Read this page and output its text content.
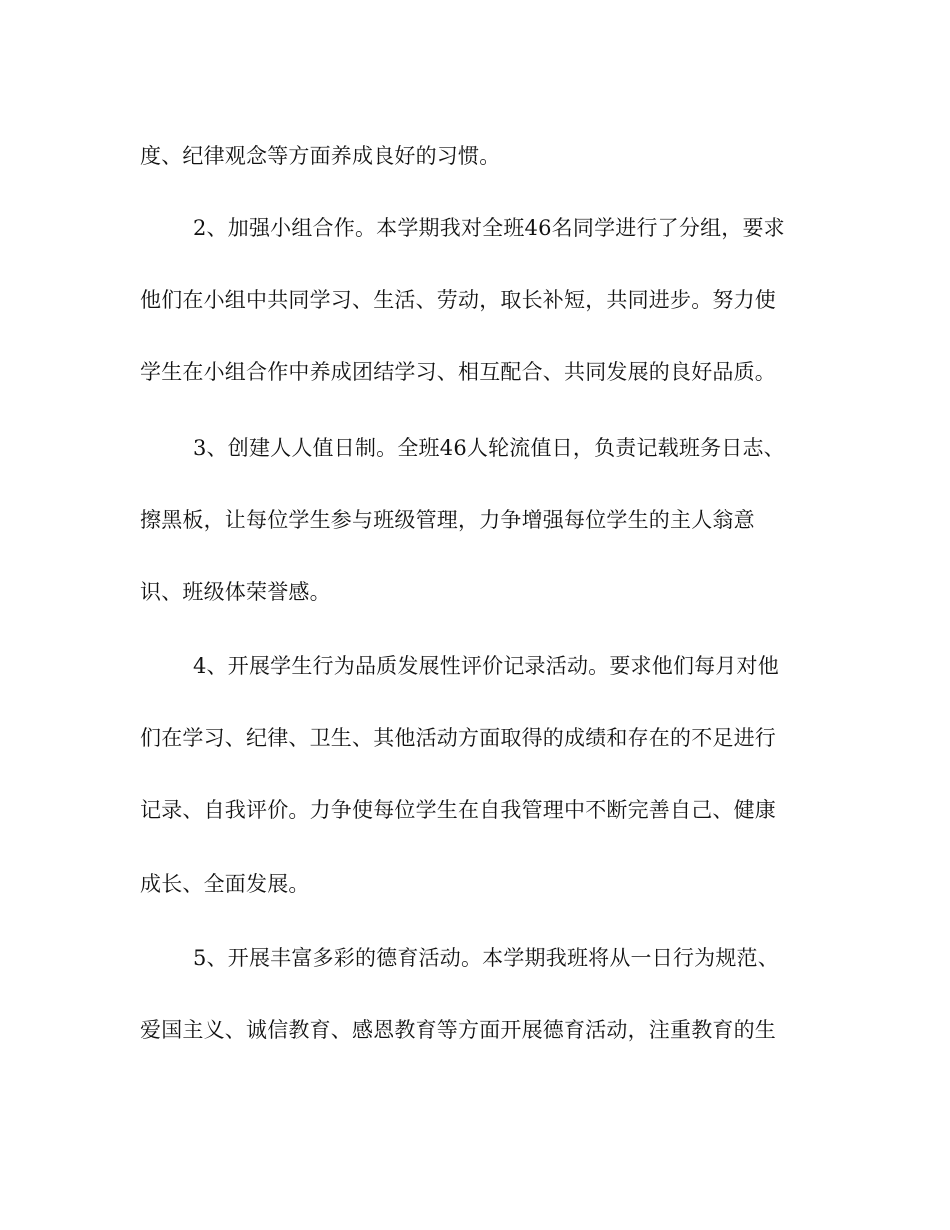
度、纪律观念等方面养成良好的习惯。
2、加强小组合作。本学期我对全班46名同学进行了分组，要求
他们在小组中共同学习、生活、劳动，取长补短，共同进步。努力使
学生在小组合作中养成团结学习、相互配合、共同发展的良好品质。
3、创建人人值日制。全班46人轮流值日，负责记载班务日志、
擦黑板，让每位学生参与班级管理，力争增强每位学生的主人翁意
识、班级体荣誉感。
4、开展学生行为品质发展性评价记录活动。要求他们每月对他
们在学习、纪律、卫生、其他活动方面取得的成绩和存在的不足进行
记录、自我评价。力争使每位学生在自我管理中不断完善自己、健康
成长、全面发展。
5、开展丰富多彩的德育活动。本学期我班将从一日行为规范、
爱国主义、诚信教育、感恩教育等方面开展德育活动，注重教育的生
